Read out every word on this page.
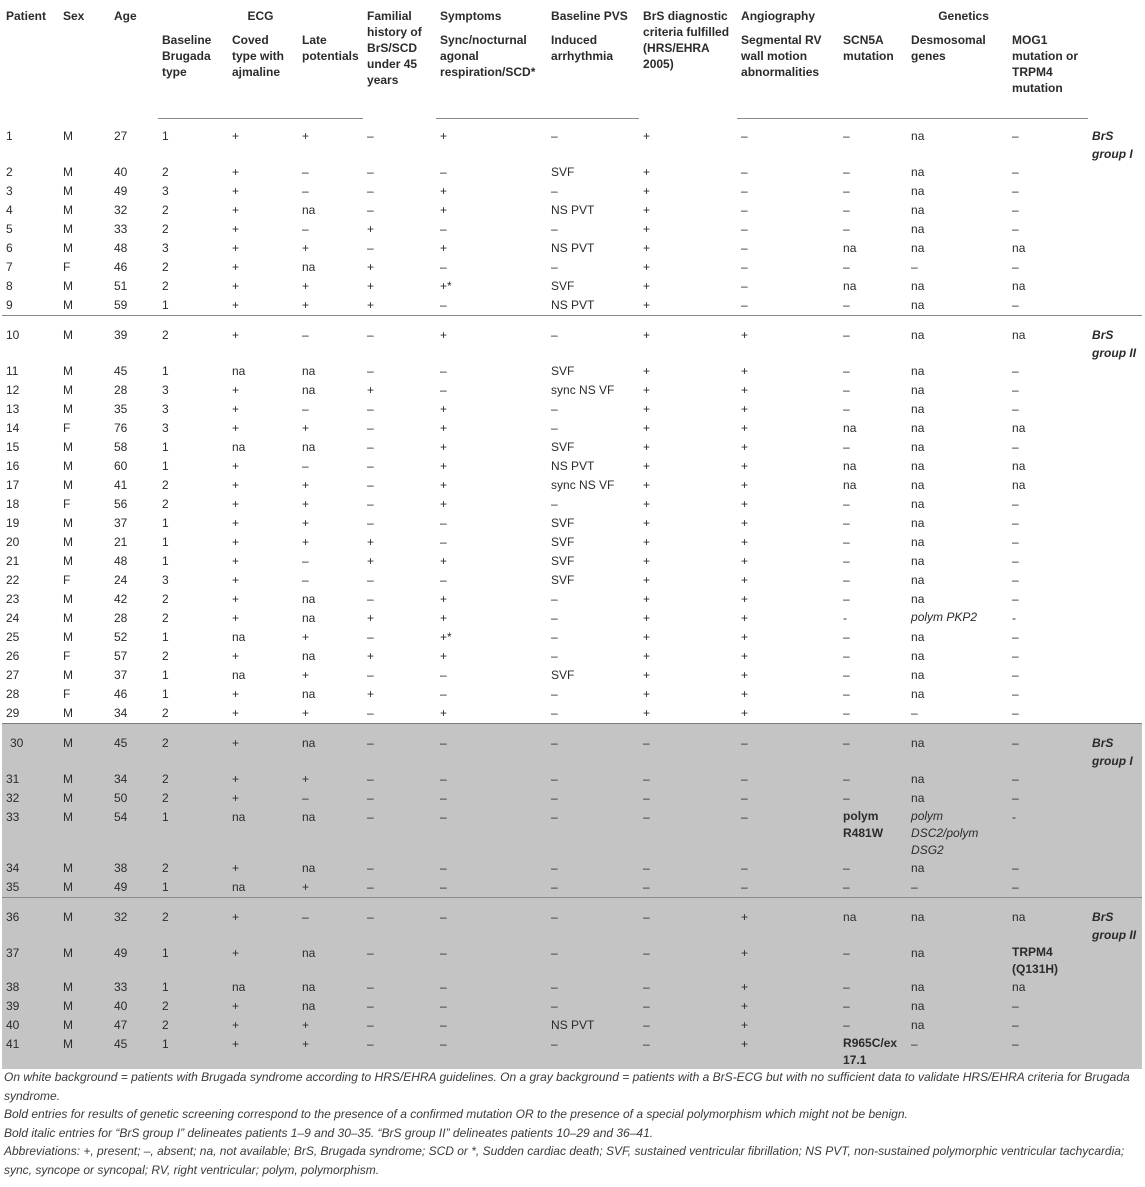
Patient	Sex	Age	ECG			Familial history of BrS/SCD under 45 years	Symptoms	Baseline PVS	BrS diagnostic criteria fulfilled (HRS/EHRA 2005)	Angiography	Genetics			
			Baseline Brugada type	Coved type with ajmaline	Late potentials		Sync/nocturnal agonal respiration/SCD*	Induced arrhythmia		Segmental RV wall motion abnormalities	SCN5A mutation	Desmosomal genes	MOG1 mutation or TRPM4 mutation	
1	M	27	1	+	+	–	+	–	+	–	–	na	–	BrS group I
2	M	40	2	+	–	–	–	SVF	+	–	–	na	–	
3	M	49	3	+	–	–	+	–	+	–	–	na	–	
4	M	32	2	+	na	–	+	NS PVT	+	–	–	na	–	
5	M	33	2	+	–	+	–	–	+	–	–	na	–	
6	M	48	3	+	+	–	+	NS PVT	+	–	na	na	na	
7	F	46	2	+	na	+	–	–	+	–	–	–	–	
8	M	51	2	+	+	+	+*	SVF	+	–	na	na	na	
9	M	59	1	+	+	+	–	NS PVT	+	–	–	na	–	
10	M	39	2	+	–	–	+	–	+	+	–	na	na	BrS group II
11	M	45	1	na	na	–	–	SVF	+	+	–	na	–	
12	M	28	3	+	na	+	–	sync NS VF	+	+	–	na	–	
13	M	35	3	+	–	–	+	–	+	+	–	na	–	
14	F	76	3	+	+	–	+	–	+	+	na	na	na	
15	M	58	1	na	na	–	+	SVF	+	+	–	na	–	
16	M	60	1	+	–	–	+	NS PVT	+	+	na	na	na	
17	M	41	2	+	+	–	+	sync NS VF	+	+	na	na	na	
18	F	56	2	+	+	–	+	–	+	+	–	na	–	
19	M	37	1	+	+	–	–	SVF	+	+	–	na	–	
20	M	21	1	+	+	+	–	SVF	+	+	–	na	–	
21	M	48	1	+	–	+	+	SVF	+	+	–	na	–	
22	F	24	3	+	–	–	–	SVF	+	+	–	na	–	
23	M	42	2	+	na	–	+	–	+	+	–	na	–	
24	M	28	2	+	na	+	+	–	+	+	-	polym PKP2	-	
25	M	52	1	na	+	–	+*	–	+	+	–	na	–	
26	F	57	2	+	na	+	+	–	+	+	–	na	–	
27	M	37	1	na	+	–	–	SVF	+	+	–	na	–	
28	F	46	1	+	na	+	–	–	+	+	–	na	–	
29	M	34	2	+	+	–	+	–	+	+	–	–	–	
30	M	45	2	+	na	–	–	–	–	–	–	na	–	BrS group I
31	M	34	2	+	+	–	–	–	–	–	–	na	–	
32	M	50	2	+	–	–	–	–	–	–	–	na	–	
33	M	54	1	na	na	–	–	–	–	–	polym R481W	polym DSC2/polym DSG2	-	
34	M	38	2	+	na	–	–	–	–	–	–	na	–	
35	M	49	1	na	+	–	–	–	–	–	–	–	–	
36	M	32	2	+	–	–	–	–	–	+	na	na	na	BrS group II
37	M	49	1	+	na	–	–	–	–	+	–	na	TRPM4 (Q131H)	
38	M	33	1	na	na	–	–	–	–	+	–	na	na	
39	M	40	2	+	na	–	–	–	–	+	–	na	–	
40	M	47	2	+	+	–	–	NS PVT	–	+	–	na	–	
41	M	45	1	+	+	–	–	–	–	+	R965C/ex 17.1	–	–	

On white background = patients with Brugada syndrome according to HRS/EHRA guidelines. On a gray background = patients with a BrS-ECG but with no sufficient data to validate HRS/EHRA criteria for Brugada syndrome.

Bold entries for results of genetic screening correspond to the presence of a confirmed mutation OR to the presence of a special polymorphism which might not be benign.

Bold italic entries for “BrS group I” delineates patients 1–9 and 30–35. “BrS group II” delineates patients 10–29 and 36–41.

Abbreviations: +, present; –, absent; na, not available; BrS, Brugada syndrome; SCD or *, Sudden cardiac death; SVF, sustained ventricular fibrillation; NS PVT, non-sustained polymorphic ventricular tachycardia; sync, syncope or syncopal; RV, right ventricular; polym, polymorphism.
